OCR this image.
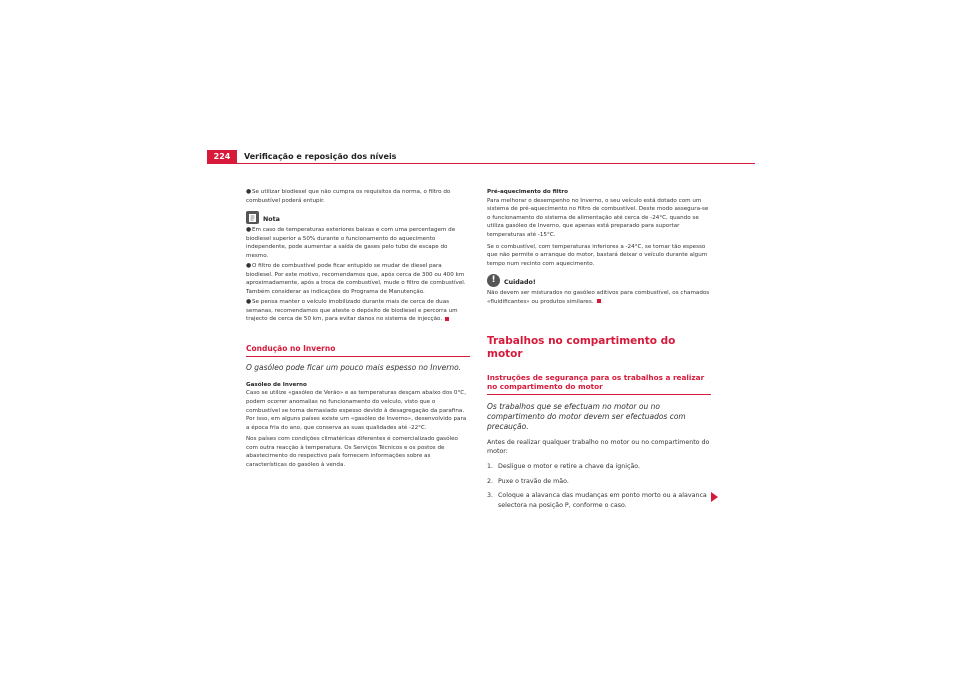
224	Verificação e reposição dos níveis
●Se utilizar biodiesel que não cumpra os requisitos da norma, o filtro do combustível poderá entupir.
Nota
●Em caso de temperaturas exteriores baixas e com uma percentagem de biodiesel superior a 50% durante o funcionamento do aquecimento independente, pode aumentar a saída de gases pelo tubo de escape do mesmo.
●O filtro de combustível pode ficar entupido se mudar de diesel para biodiesel. Por este motivo, recomendamos que, após cerca de 300 ou 400 km aproximadamente, após a troca de combustível, mude o filtro de combustível. Também considerar as indicações do Programa de Manutenção.
●Se pensa manter o veículo imobilizado durante mais de cerca de duas semanas, recomendamos que ateste o depósito de biodiesel e percorra um trajecto de cerca de 50 km, para evitar danos no sistema de injecção.
Condução no Inverno
O gasóleo pode ficar um pouco mais espesso no Inverno.
Gasóleo de Inverno
Caso se utilize «gasóleo de Verão» e as temperaturas desçam abaixo dos 0°C, podem ocorrer anomalias no funcionamento do veículo, visto que o combustível se torna demasiado espesso devido à desagregação da parafina. Por isso, em alguns países existe um «gasóleo de Inverno», desenvolvido para a época fria do ano, que conserva as suas qualidades até -22°C.
Nos países com condições climatéricas diferentes é comercializado gasóleo com outra reacção à temperatura. Os Serviços Técnicos e os postos de abastecimento do respectivo país fornecem informações sobre as características do gasóleo à venda.
Pré-aquecimento do filtro
Para melhorar o desempenho no Inverno, o seu veículo está dotado com um sistema de pré-aquecimento no filtro de combustível. Deste modo assegura-se o funcionamento do sistema de alimentação até cerca de -24°C, quando se utiliza gasóleo de Inverno, que apenas está preparado para suportar temperaturas até -15°C.
Se o combustível, com temperaturas inferiores a -24°C, se tornar tão espesso que não permite o arranque do motor, bastará deixar o veículo durante algum tempo num recinto com aquecimento.
!	Cuidado!
Não devem ser misturados no gasóleo aditivos para combustível, os chamados «fluidificantes» ou produtos similares.
Trabalhos no compartimento do motor
Instruções de segurança para os trabalhos a realizar no compartimento do motor
Os trabalhos que se efectuam no motor ou no compartimento do motor devem ser efectuados com precaução.
Antes de realizar qualquer trabalho no motor ou no compartimento do motor:
1. Desligue o motor e retire a chave da ignição.
2. Puxe o travão de mão.
3. Coloque a alavanca das mudanças em ponto morto ou a alavanca selectora na posição P, conforme o caso.
